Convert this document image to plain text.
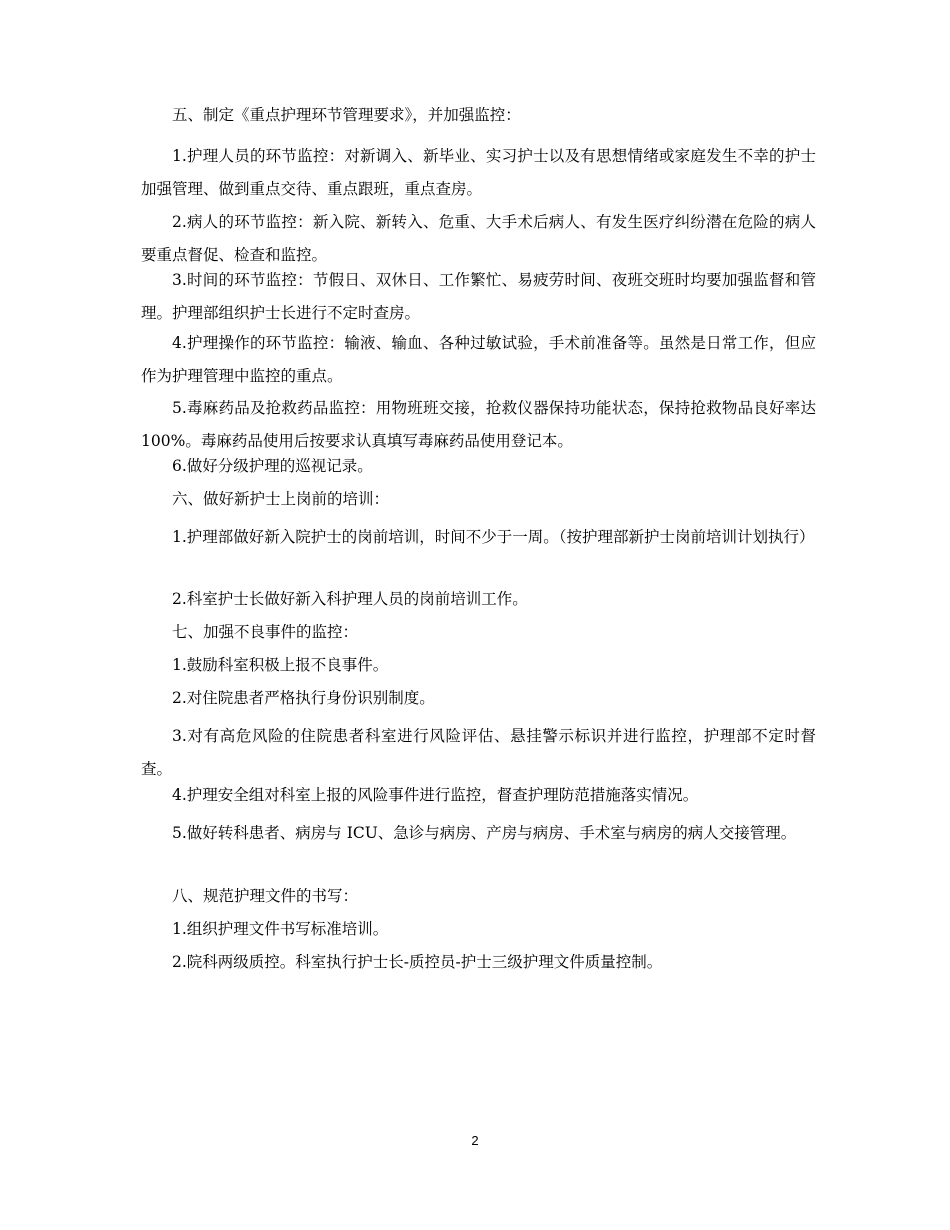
五、制定《重点护理环节管理要求》，并加强监控：
1.护理人员的环节监控：对新调入、新毕业、实习护士以及有思想情绪或家庭发生不幸的护士加强管理、做到重点交待、重点跟班，重点查房。
2.病人的环节监控：新入院、新转入、危重、大手术后病人、有发生医疗纠纷潜在危险的病人要重点督促、检查和监控。
3.时间的环节监控：节假日、双休日、工作繁忙、易疲劳时间、夜班交班时均要加强监督和管理。护理部组织护士长进行不定时查房。
4.护理操作的环节监控：输液、输血、各种过敏试验，手术前准备等。虽然是日常工作，但应作为护理管理中监控的重点。
5.毒麻药品及抢救药品监控：用物班班交接，抢救仪器保持功能状态，保持抢救物品良好率达 100%。毒麻药品使用后按要求认真填写毒麻药品使用登记本。
6.做好分级护理的巡视记录。
六、做好新护士上岗前的培训：
1.护理部做好新入院护士的岗前培训，时间不少于一周。（按护理部新护士岗前培训计划执行）
2.科室护士长做好新入科护理人员的岗前培训工作。
七、加强不良事件的监控：
1.鼓励科室积极上报不良事件。
2.对住院患者严格执行身份识别制度。
3.对有高危风险的住院患者科室进行风险评估、悬挂警示标识并进行监控，护理部不定时督查。
4.护理安全组对科室上报的风险事件进行监控，督查护理防范措施落实情况。
5.做好转科患者、病房与 ICU、急诊与病房、产房与病房、手术室与病房的病人交接管理。
八、规范护理文件的书写：
1.组织护理文件书写标准培训。
2.院科两级质控。科室执行护士长-质控员-护士三级护理文件质量控制。
2
